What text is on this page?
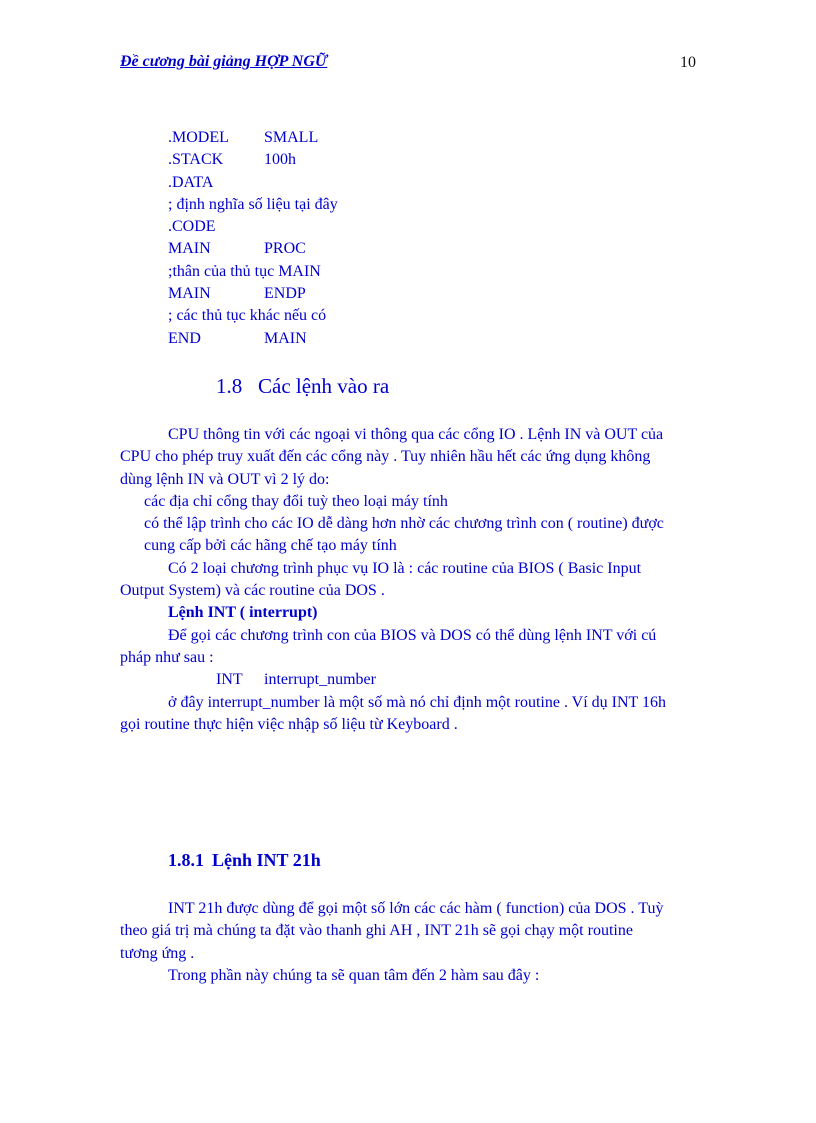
Đề cương bài giảng HỢP NGỮ	10
.MODEL SMALL
.STACK	100h
.DATA
; định nghĩa số liệu tại đây
.CODE
MAIN	PROC
;thân của thủ tục MAIN
MAIN	ENDP
; các thủ tục khác nếu có
END	MAIN
1.8 Các lệnh vào ra
CPU thông tin với các ngoại vi thông qua các cổng IO . Lệnh IN và OUT của
CPU cho phép truy xuất đến các cổng này . Tuy nhiên hầu hết các ứng dụng không
dùng lệnh IN và OUT vì 2 lý do:
các địa chỉ cổng thay đổi tuỳ theo loại máy tính
có thể lập trình cho các IO dễ dàng hơn nhờ các chương trình con ( routine) được
cung cấp bởi các hãng chế tạo máy tính
Có 2 loại chương trình phục vụ IO là : các routine của BIOS ( Basic Input
Output System) và các routine của DOS .
Lệnh INT ( interrupt)
Để gọi các chương trình con của BIOS và DOS có thể dùng lệnh INT với cú
pháp như sau :
INT interrupt_number
ở đây interrupt_number là một số mà nó chỉ định một routine . Ví dụ INT 16h
gọi routine thực hiện việc nhập số liệu từ Keyboard .
1.8.1 Lệnh INT 21h
INT 21h được dùng để gọi một số lớn các các hàm ( function) của DOS . Tuỳ
theo giá trị mà chúng ta đặt vào thanh ghi AH , INT 21h sẽ gọi chạy một routine
tương ứng .
Trong phần này chúng ta sẽ quan tâm đến 2 hàm sau đây :
